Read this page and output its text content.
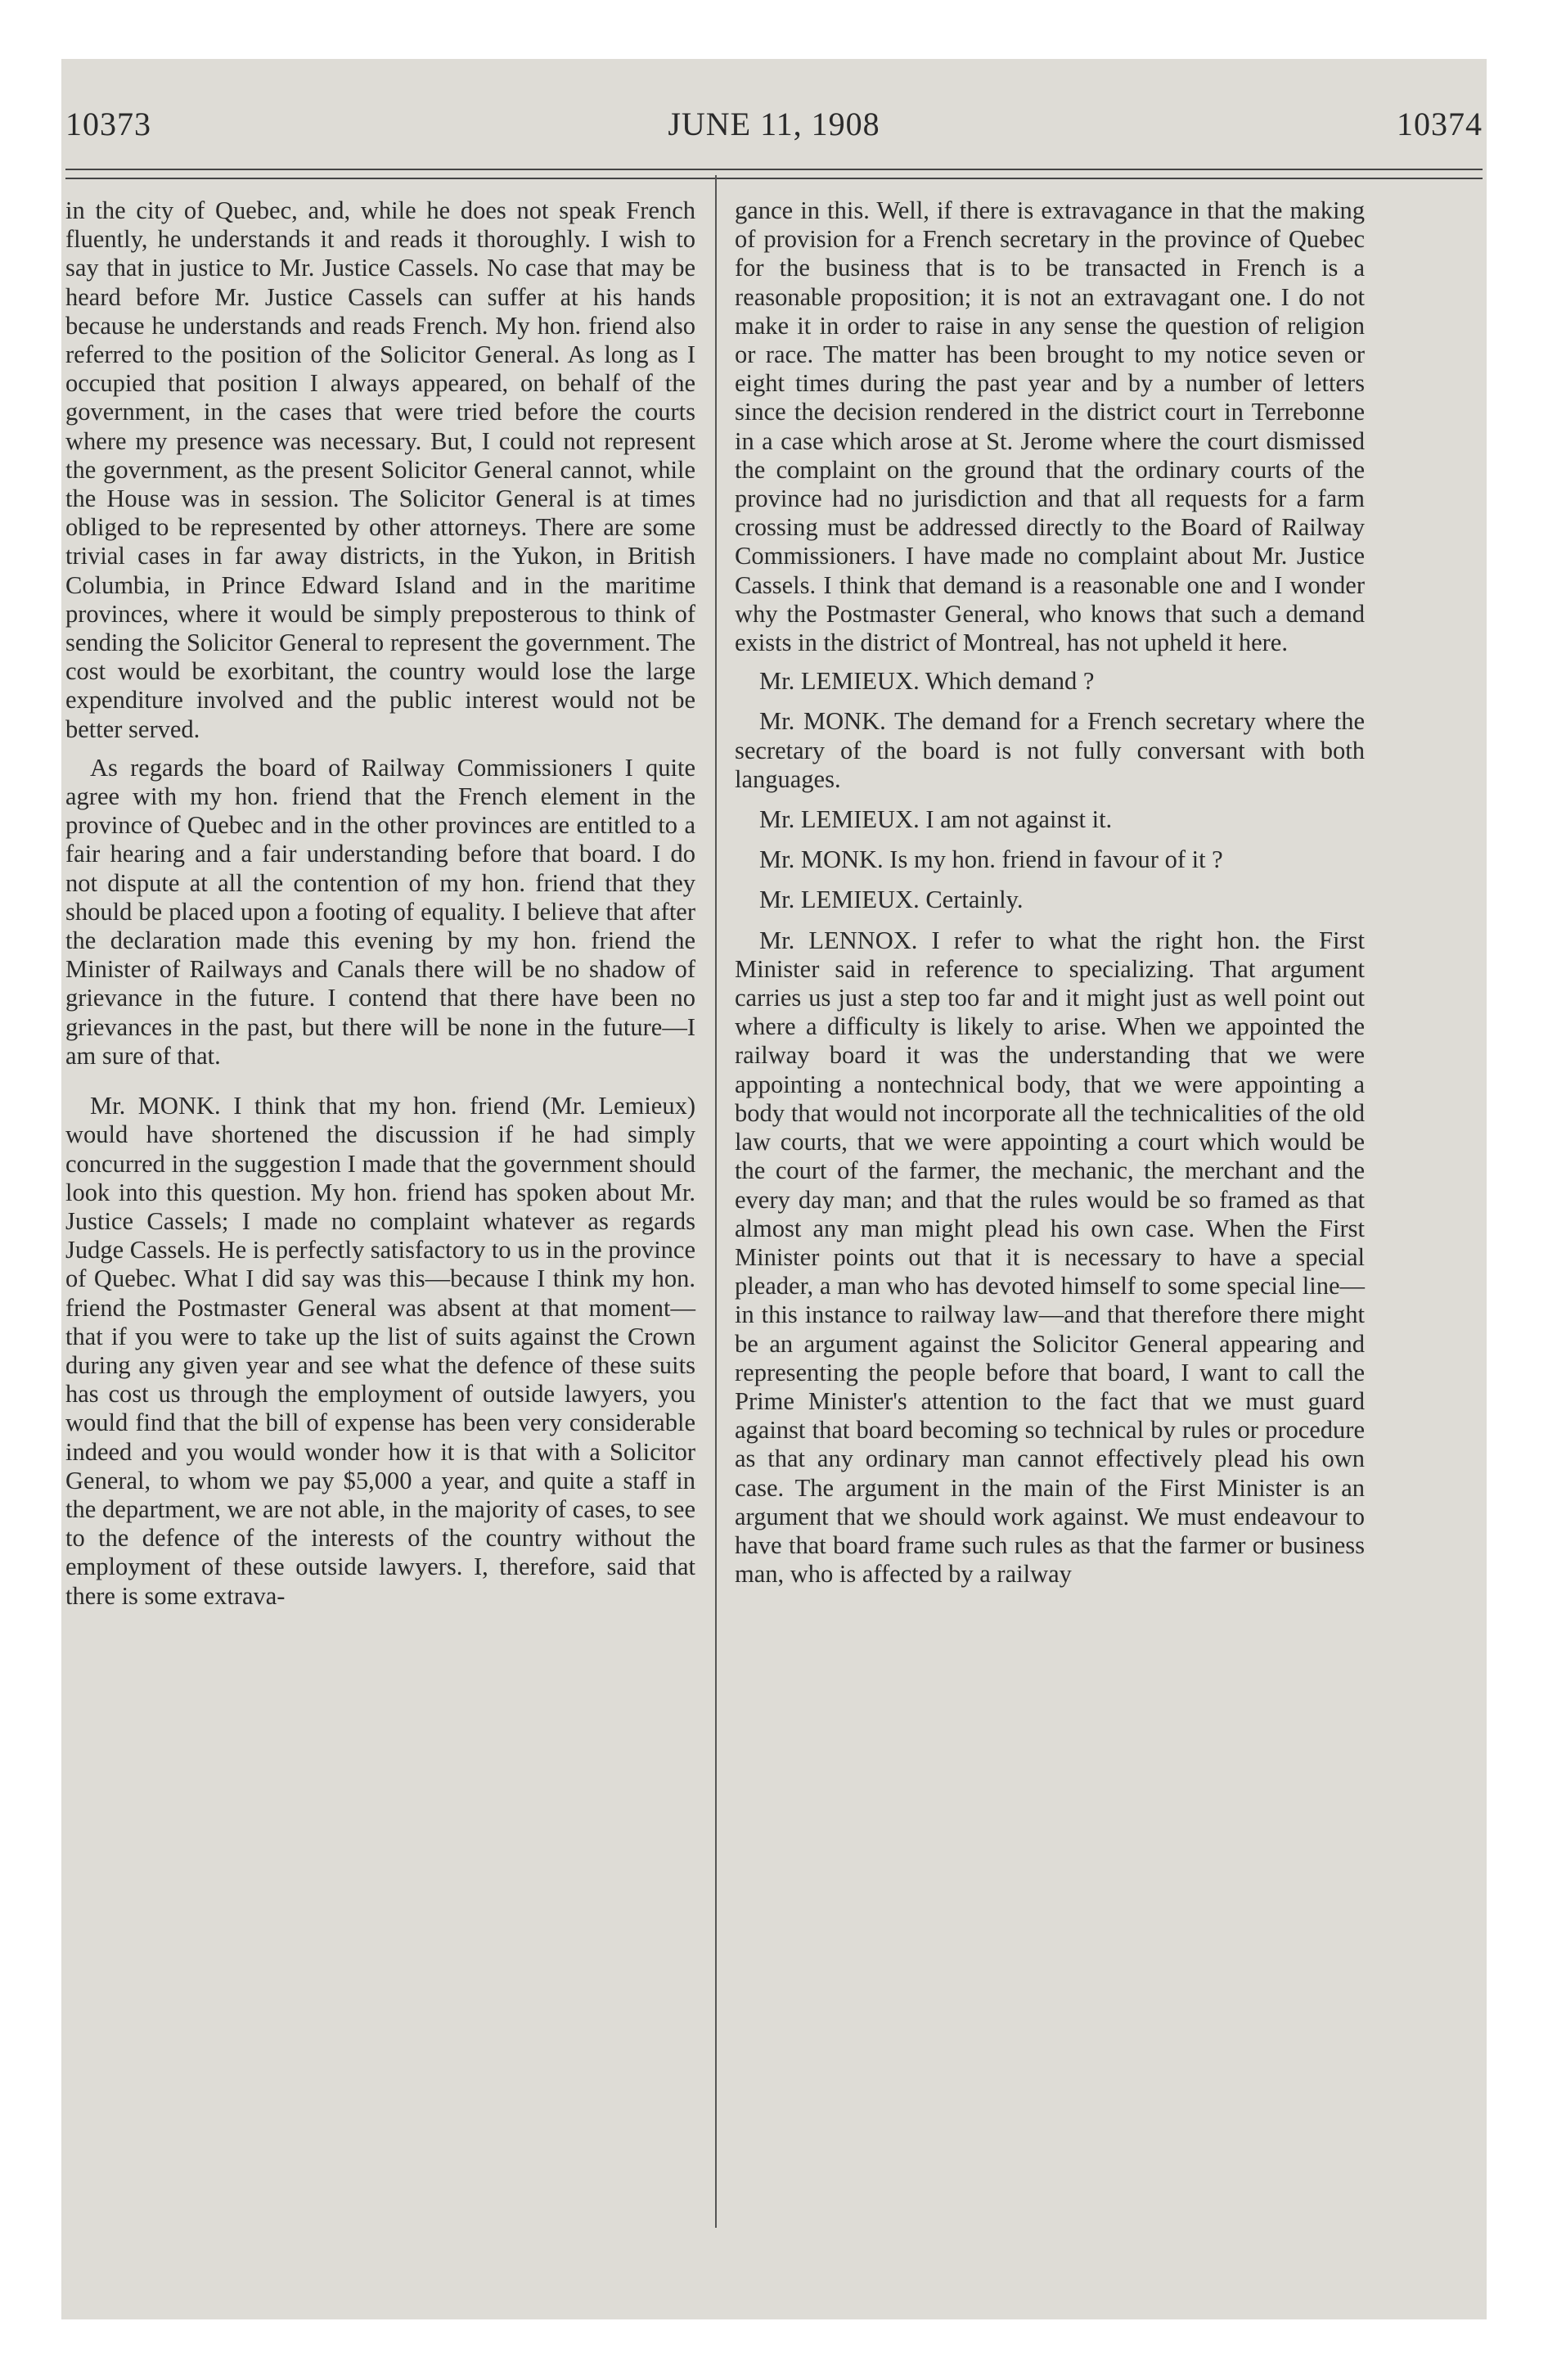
10373	JUNE 11, 1908	10374

in the city of Quebec, and, while he does not speak French fluently, he understands it and reads it thoroughly. I wish to say that in justice to Mr. Justice Cassels. No case that may be heard before Mr. Justice Cassels can suffer at his hands because he understands and reads French. My hon. friend also referred to the position of the Solicitor General. As long as I occupied that position I always appeared, on behalf of the government, in the cases that were tried before the courts where my presence was necessary. But, I could not represent the government, as the present Solicitor General cannot, while the House was in session. The Solicitor General is at times obliged to be represented by other attorneys. There are some trivial cases in far away districts, in the Yukon, in British Columbia, in Prince Edward Island and in the maritime provinces, where it would be simply preposterous to think of sending the Solicitor General to represent the government. The cost would be exorbitant, the country would lose the large expenditure involved and the public interest would not be better served.

As regards the board of Railway Commissioners I quite agree with my hon. friend that the French element in the province of Quebec and in the other provinces are entitled to a fair hearing and a fair understanding before that board. I do not dispute at all the contention of my hon. friend that they should be placed upon a footing of equality. I believe that after the declaration made this evening by my hon. friend the Minister of Railways and Canals there will be no shadow of grievance in the future. I contend that there have been no grievances in the past, but there will be none in the future—I am sure of that.

Mr. MONK. I think that my hon. friend (Mr. Lemieux) would have shortened the discussion if he had simply concurred in the suggestion I made that the government should look into this question. My hon. friend has spoken about Mr. Justice Cassels; I made no complaint whatever as regards Judge Cassels. He is perfectly satisfactory to us in the province of Quebec. What I did say was this—because I think my hon. friend the Postmaster General was absent at that moment—that if you were to take up the list of suits against the Crown during any given year and see what the defence of these suits has cost us through the employment of outside lawyers, you would find that the bill of expense has been very considerable indeed and you would wonder how it is that with a Solicitor General, to whom we pay $5,000 a year, and quite a staff in the department, we are not able, in the majority of cases, to see to the defence of the interests of the country without the employment of these outside lawyers. I, therefore, said that there is some extrava-

gance in this. Well, if there is extravagance in that the making of provision for a French secretary in the province of Quebec for the business that is to be transacted in French is a reasonable proposition; it is not an extravagant one. I do not make it in order to raise in any sense the question of religion or race. The matter has been brought to my notice seven or eight times during the past year and by a number of letters since the decision rendered in the district court in Terrebonne in a case which arose at St. Jerome where the court dismissed the complaint on the ground that the ordinary courts of the province had no jurisdiction and that all requests for a farm crossing must be addressed directly to the Board of Railway Commissioners. I have made no complaint about Mr. Justice Cassels. I think that demand is a reasonable one and I wonder why the Postmaster General, who knows that such a demand exists in the district of Montreal, has not upheld it here.

Mr. LEMIEUX. Which demand ?

Mr. MONK. The demand for a French secretary where the secretary of the board is not fully conversant with both languages.

Mr. LEMIEUX. I am not against it.

Mr. MONK. Is my hon. friend in favour of it ?

Mr. LEMIEUX. Certainly.

Mr. LENNOX. I refer to what the right hon. the First Minister said in reference to specializing. That argument carries us just a step too far and it might just as well point out where a difficulty is likely to arise. When we appointed the railway board it was the understanding that we were appointing a nontechnical body, that we were appointing a body that would not incorporate all the technicalities of the old law courts, that we were appointing a court which would be the court of the farmer, the mechanic, the merchant and the every day man; and that the rules would be so framed as that almost any man might plead his own case. When the First Minister points out that it is necessary to have a special pleader, a man who has devoted himself to some special line—in this instance to railway law—and that therefore there might be an argument against the Solicitor General appearing and representing the people before that board, I want to call the Prime Minister's attention to the fact that we must guard against that board becoming so technical by rules or procedure as that any ordinary man cannot effectively plead his own case. The argument in the main of the First Minister is an argument that we should work against. We must endeavour to have that board frame such rules as that the farmer or business man, who is affected by a railway
